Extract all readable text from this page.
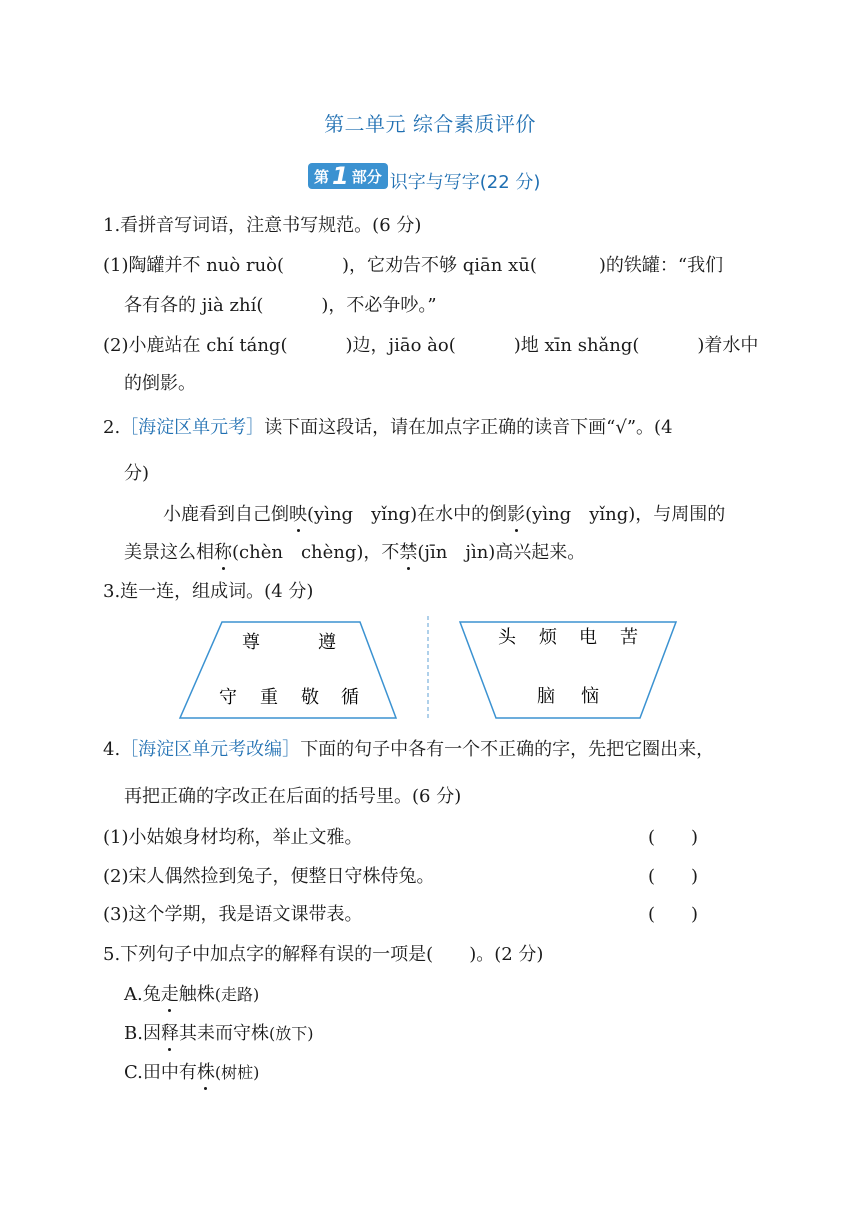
第二单元 综合素质评价
第 1 部分 识字与写字(22 分)
1.看拼音写词语，注意书写规范。(6 分)
(1)陶罐并不 nuò ruò(	)，它劝告不够 qiān xū(	)的铁罐：“我们
各有各的 jià zhí(	)，不必争吵。”
(2)小鹿站在 chí táng(	)边，jiāo ào(	)地 xīn shǎng(	)着水中
的倒影。
2.［海淀区单元考］读下面这段话，请在加点字正确的读音下画“√”。(4
分)
小鹿看到自己倒映(yìng　yǐng)在水中的倒影(yìng　yǐng)，与周围的
美景这么相称(chèn　chèng)，不禁(jīn　jìn)高兴起来。
3.连一连，组成词。(4 分)
尊	遵
守 重 敬 循
头 烦 电 苦
脑 恼
4.［海淀区单元考改编］下面的句子中各有一个不正确的字，先把它圈出来，
再把正确的字改正在后面的括号里。(6 分)
(1)小姑娘身材均称，举止文雅。	(　　)
(2)宋人偶然捡到兔子，便整日守株侍兔。	(　　)
(3)这个学期，我是语文课带表。	(　　)
5.下列句子中加点字的解释有误的一项是(　　)。(2 分)
A.兔走触株(走路)
B.因释其耒而守株(放下)
C.田中有株(树桩)
